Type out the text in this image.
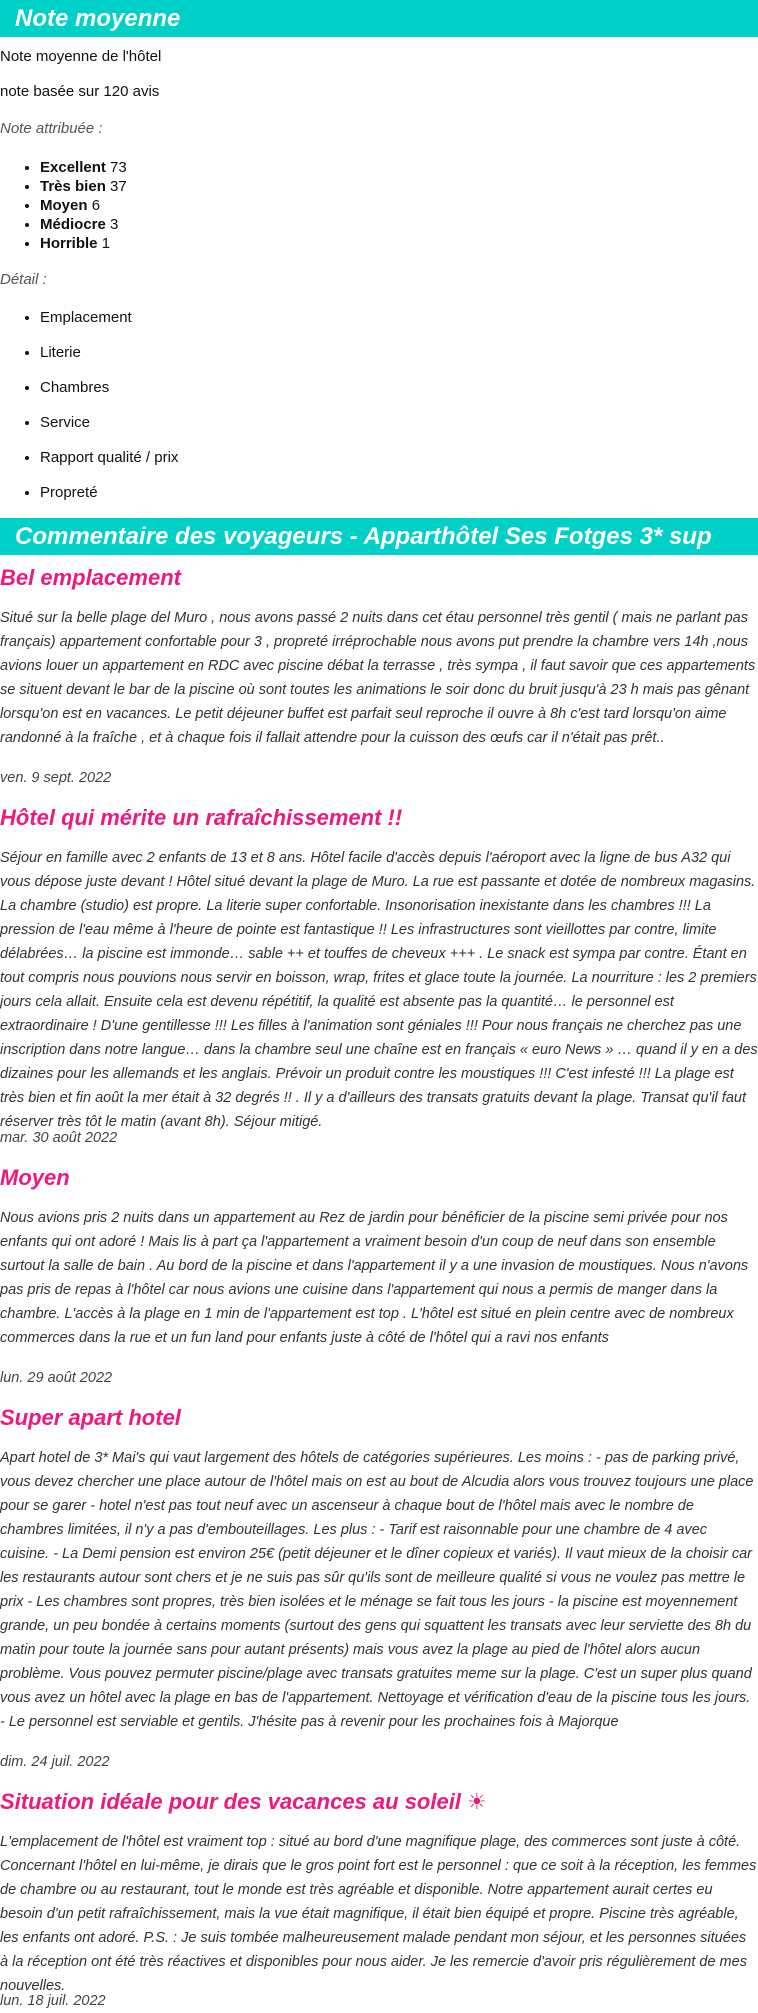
Note moyenne
Note moyenne de l'hôtel
note basée sur 120 avis
Note attribuée :
• Excellent 73
• Très bien 37
• Moyen 6
• Médiocre 3
• Horrible 1
Détail :
• Emplacement
• Literie
• Chambres
• Service
• Rapport qualité / prix
• Propreté
Commentaire des voyageurs - Apparthôtel Ses Fotges 3* sup
Bel emplacement
Situé sur la belle plage del Muro , nous avons passé 2 nuits dans cet étau personnel très gentil ( mais ne parlant pas français) appartement confortable pour 3 , propreté irréprochable nous avons put prendre la chambre vers 14h ,nous avions louer un appartement en RDC avec piscine débat la terrasse , très sympa , il faut savoir que ces appartements se situent devant le bar de la piscine où sont toutes les animations le soir donc du bruit jusqu'à 23 h mais pas gênant lorsqu'on est en vacances. Le petit déjeuner buffet est parfait seul reproche il ouvre à 8h c'est tard lorsqu'on aime randonné à la fraîche , et à chaque fois il fallait attendre pour la cuisson des œufs car il n'était pas prêt..
ven. 9 sept. 2022
Hôtel qui mérite un rafraîchissement !!
Séjour en famille avec 2 enfants de 13 et 8 ans. Hôtel facile d'accès depuis l'aéroport avec la ligne de bus A32 qui vous dépose juste devant ! Hôtel situé devant la plage de Muro. La rue est passante et dotée de nombreux magasins. La chambre (studio) est propre. La literie super confortable. Insonorisation inexistante dans les chambres !!! La pression de l'eau même à l'heure de pointe est fantastique !! Les infrastructures sont vieillottes par contre, limite délabrées… la piscine est immonde… sable ++ et touffes de cheveux +++ . Le snack est sympa par contre. Étant en tout compris nous pouvions nous servir en boisson, wrap, frites et glace toute la journée. La nourriture : les 2 premiers jours cela allait. Ensuite cela est devenu répétitif, la qualité est absente pas la quantité… le personnel est extraordinaire ! D'une gentillesse !!! Les filles à l'animation sont géniales !!! Pour nous français ne cherchez pas une inscription dans notre langue… dans la chambre seul une chaîne est en français « euro News » … quand il y en a des dizaines pour les allemands et les anglais. Prévoir un produit contre les moustiques !!! C'est infesté !!! La plage est très bien et fin août la mer était à 32 degrés !! . Il y a d'ailleurs des transats gratuits devant la plage. Transat qu'il faut réserver très tôt le matin (avant 8h). Séjour mitigé.
mar. 30 août 2022
Moyen
Nous avions pris 2 nuits dans un appartement au Rez de jardin pour bénéficier de la piscine semi privée pour nos enfants qui ont adoré ! Mais lis à part ça l'appartement a vraiment besoin d'un coup de neuf dans son ensemble surtout la salle de bain . Au bord de la piscine et dans l'appartement il y a une invasion de moustiques. Nous n'avons pas pris de repas à l'hôtel car nous avions une cuisine dans l'appartement qui nous a permis de manger dans la chambre. L'accès à la plage en 1 min de l'appartement est top . L'hôtel est situé en plein centre avec de nombreux commerces dans la rue et un fun land pour enfants juste à côté de l'hôtel qui a ravi nos enfants
lun. 29 août 2022
Super apart hotel
Apart hotel de 3* Mai's qui vaut largement des hôtels de catégories supérieures. Les moins : - pas de parking privé, vous devez chercher une place autour de l'hôtel mais on est au bout de Alcudia alors vous trouvez toujours une place pour se garer - hotel n'est pas tout neuf avec un ascenseur à chaque bout de l'hôtel mais avec le nombre de chambres limitées, il n'y a pas d'embouteillages. Les plus : - Tarif est raisonnable pour une chambre de 4 avec cuisine. - La Demi pension est environ 25€ (petit déjeuner et le dîner copieux et variés). Il vaut mieux de la choisir car les restaurants autour sont chers et je ne suis pas sûr qu'ils sont de meilleure qualité si vous ne voulez pas mettre le prix - Les chambres sont propres, très bien isolées et le ménage se fait tous les jours - la piscine est moyennement grande, un peu bondée à certains moments (surtout des gens qui squattent les transats avec leur serviette des 8h du matin pour toute la journée sans pour autant présents) mais vous avez la plage au pied de l'hôtel alors aucun problème. Vous pouvez permuter piscine/plage avec transats gratuites meme sur la plage. C'est un super plus quand vous avez un hôtel avec la plage en bas de l'appartement. Nettoyage et vérification d'eau de la piscine tous les jours. - Le personnel est serviable et gentils. J'hésite pas à revenir pour les prochaines fois à Majorque
dim. 24 juil. 2022
Situation idéale pour des vacances au soleil ☀
L'emplacement de l'hôtel est vraiment top : situé au bord d'une magnifique plage, des commerces sont juste à côté. Concernant l'hôtel en lui-même, je dirais que le gros point fort est le personnel : que ce soit à la réception, les femmes de chambre ou au restaurant, tout le monde est très agréable et disponible. Notre appartement aurait certes eu besoin d'un petit rafraîchissement, mais la vue était magnifique, il était bien équipé et propre. Piscine très agréable, les enfants ont adoré. P.S. : Je suis tombée malheureusement malade pendant mon séjour, et les personnes situées à la réception ont été très réactives et disponibles pour nous aider. Je les remercie d'avoir pris régulièrement de mes nouvelles.
lun. 18 juil. 2022
